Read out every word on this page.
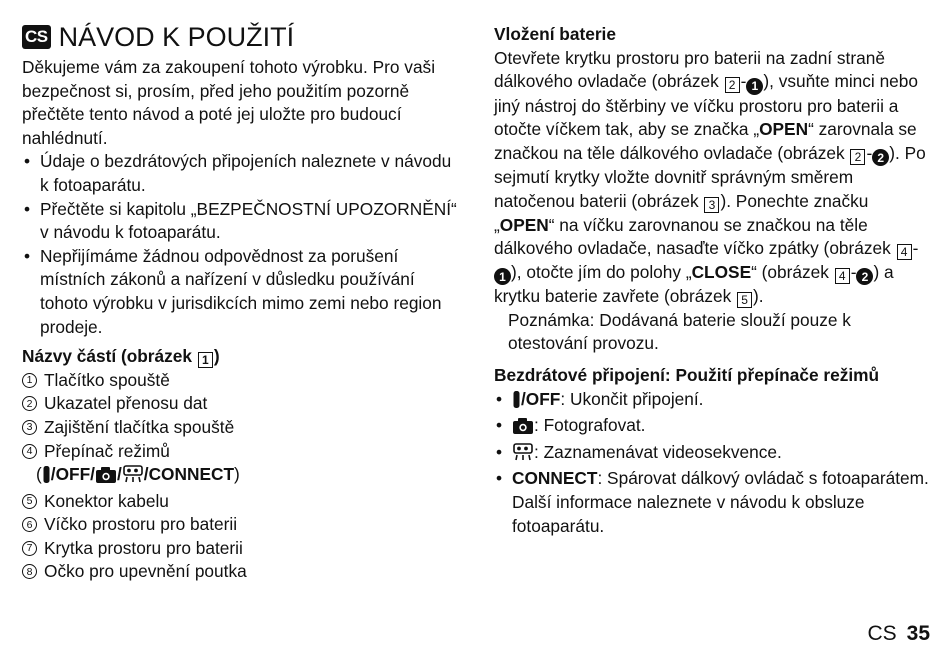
CS NÁVOD K POUŽITÍ

Děkujeme vám za zakoupení tohoto výrobku. Pro vaši bezpečnost si, prosím, před jeho použitím pozorně přečtěte tento návod a poté jej uložte pro budoucí nahlédnutí.

• Údaje o bezdrátových připojeních naleznete v návodu k fotoaparátu.
• Přečtěte si kapitolu „BEZPEČNOSTNÍ UPOZORNĚNÍ“ v návodu k fotoaparátu.
• Nepřijímáme žádnou odpovědnost za porušení místních zákonů a nařízení v důsledku používání tohoto výrobku v jurisdikcích mimo zemi nebo region prodeje.
Názvy částí (obrázek 1 )
1 Tlačítko spouště
2 Ukazatel přenosu dat
3 Zajištění tlačítka spouště
4 Přepínač režimů
( /OFF/ / /CONNECT)
5 Konektor kabelu
6 Víčko prostoru pro baterii
7 Krytka prostoru pro baterii
8 Očko pro upevnění poutka
Vložení baterie

Otevřete krytku prostoru pro baterii na zadní straně dálkového ovladače (obrázek 2 - 1 ), vsuňte minci nebo jiný nástroj do štěrbiny ve víčku prostoru pro baterii a otočte víčkem tak, aby se značka „OPEN“ zarovnala se značkou na těle dálkového ovladače (obrázek 2 - 2 ). Po sejmutí krytky vložte dovnitř správným směrem natočenou baterii (obrázek 3 ). Ponechte značku „OPEN“ na víčku zarovnanou se značkou na těle dálkového ovladače, nasaďte víčko zpátky (obrázek 4 -1 ), otočte jím do polohy „CLOSE“ (obrázek 4 - 2 ) a krytku baterie zavřete (obrázek 5 ).

Poznámka: Dodávaná baterie slouží pouze k otestování provozu.

Bezdrátové připojení: Použití přepínače režimů
• /OFF: Ukončit připojení.
• : Fotografovat.
• : Zaznamenávat videosekvence.
• CONNECT: Spárovat dálkový ovládač s fotoaparátem. Další informace naleznete v návodu k obsluze fotoaparátu.
CS 35
